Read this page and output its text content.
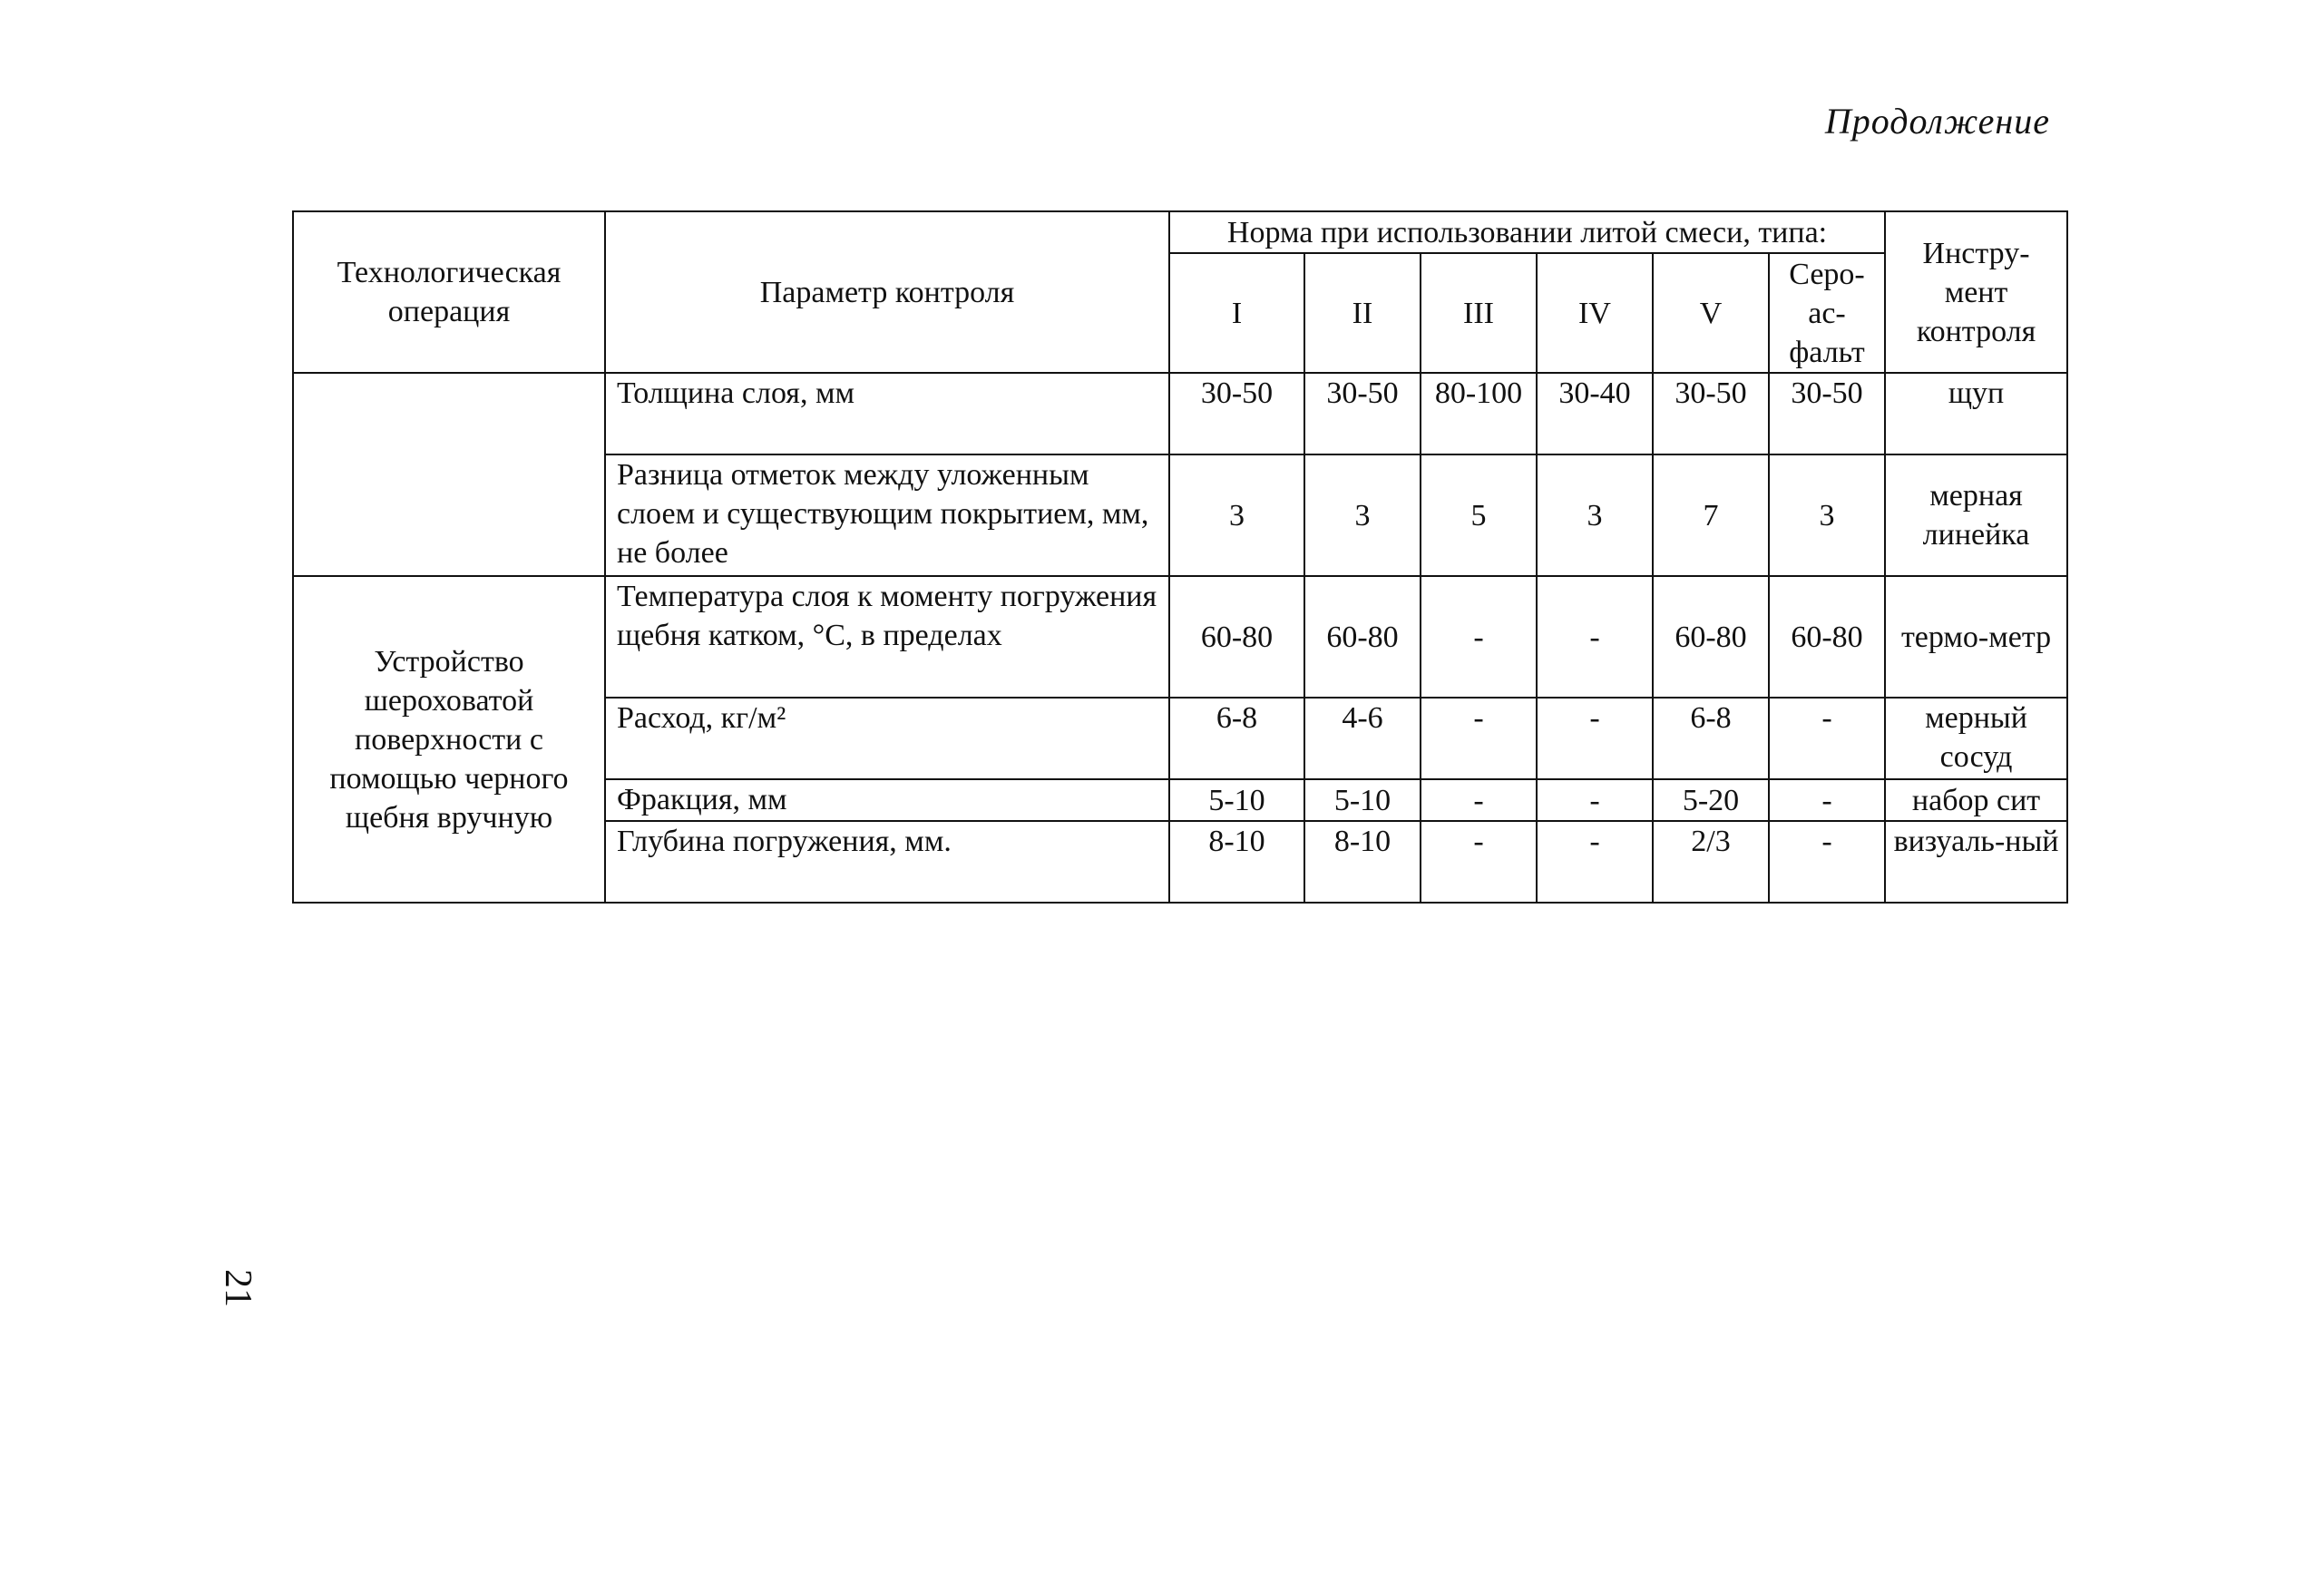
Продолжение
Технологическая операция	Параметр контроля	Норма при использовании литой смеси, типа:						Инстру-мент контроля
		I	II	III	IV	V	Серо-ас-фальт	
	Толщина слоя, мм	30-50	30-50	80-100	30-40	30-50	30-50	щуп
	Разница отметок между уложенным слоем и существующим покрытием, мм, не более	3	3	5	3	7	3	мерная линейка
Устройство шероховатой поверхности с помощью черного щебня вручную	Температура слоя к моменту погружения щебня катком, °С, в пределах	60-80	60-80	-	-	60-80	60-80	термо-метр
	Расход, кг/м²	6-8	4-6	-	-	6-8	-	мерный сосуд
	Фракция, мм	5-10	5-10	-	-	5-20	-	набор сит
	Глубина погружения, мм.	8-10	8-10	-	-	2/3	-	визуаль-ный
21
